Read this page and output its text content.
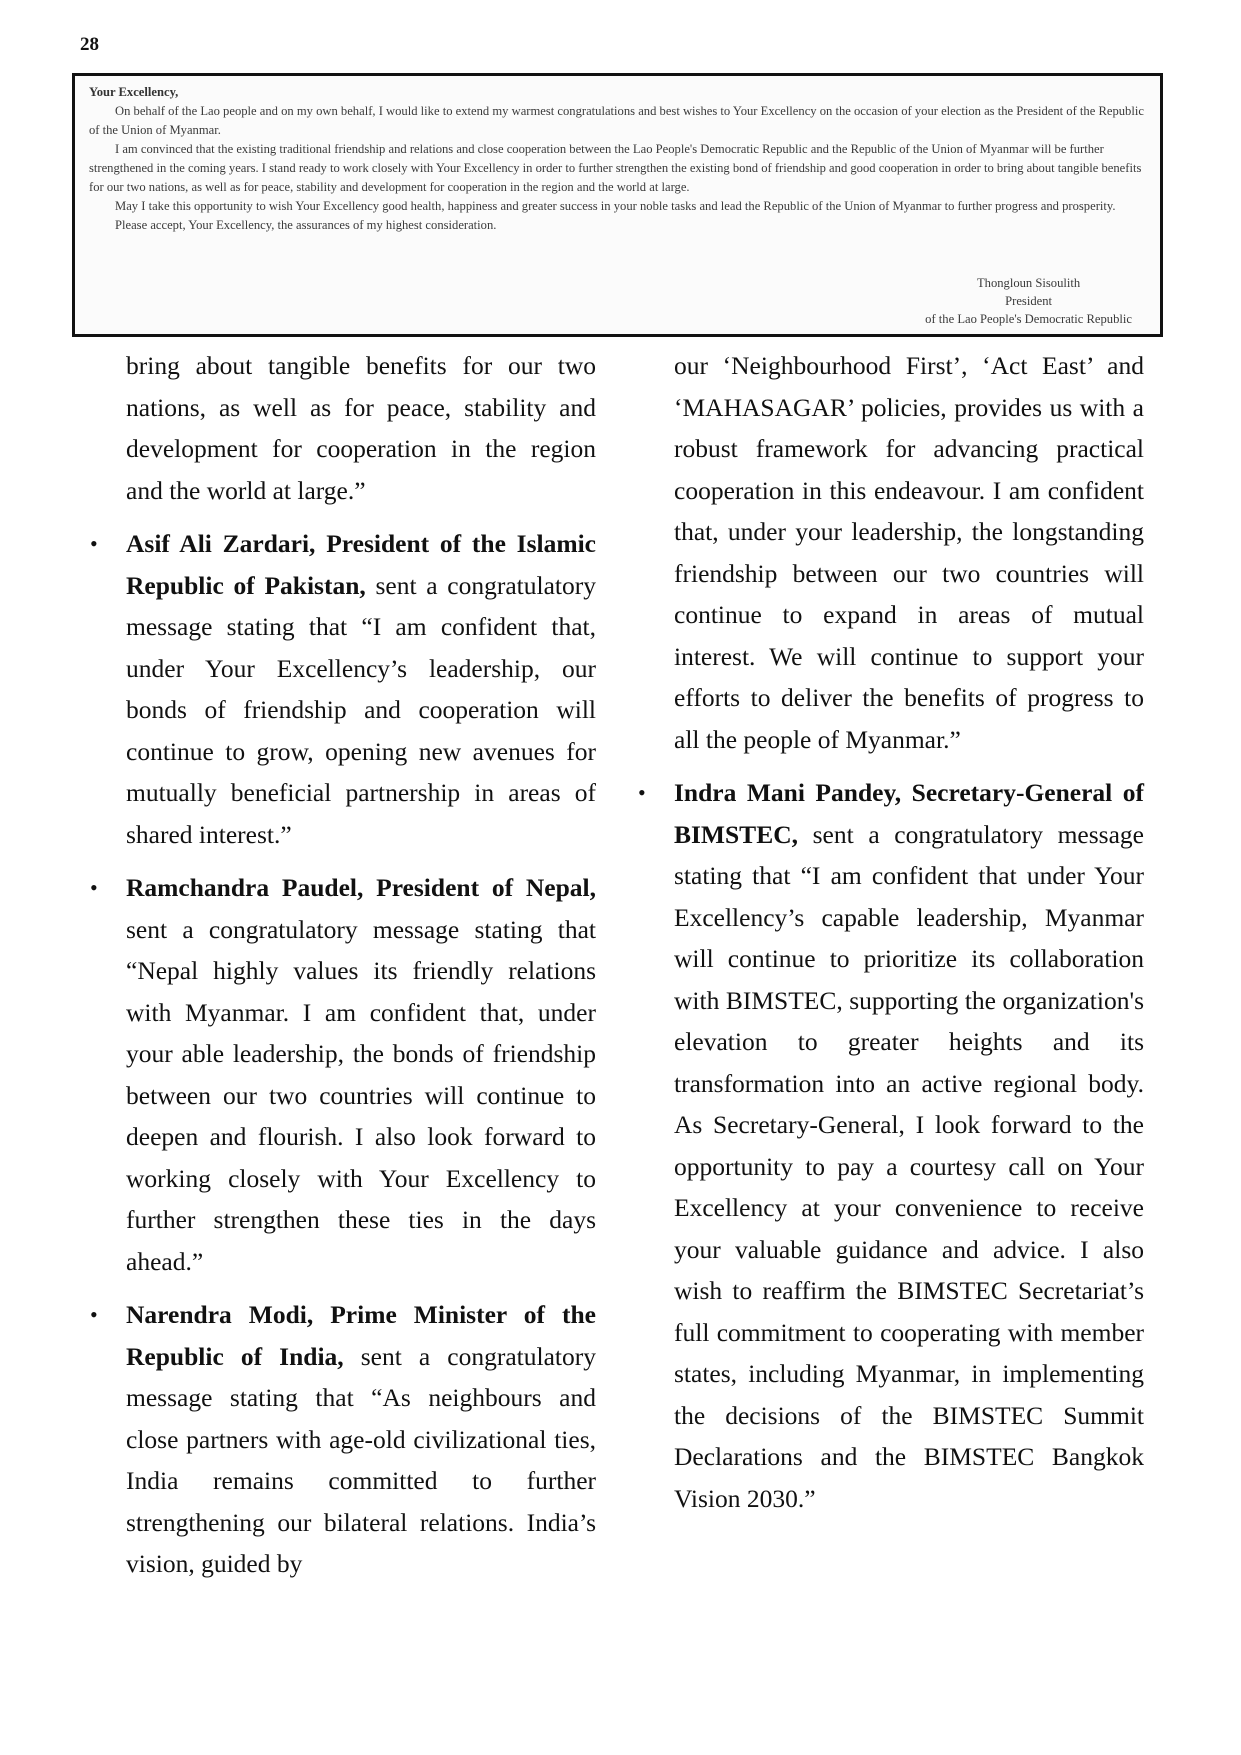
28

Your Excellency,

On behalf of the Lao people and on my own behalf, I would like to extend my warmest congratulations and best wishes to Your Excellency on the occasion of your election as the President of the Republic of the Union of Myanmar.

I am convinced that the existing traditional friendship and relations and close cooperation between the Lao People's Democratic Republic and the Republic of the Union of Myanmar will be further strengthened in the coming years. I stand ready to work closely with Your Excellency in order to further strengthen the existing bond of friendship and good cooperation in order to bring about tangible benefits for our two nations, as well as for peace, stability and development for cooperation in the region and the world at large.

May I take this opportunity to wish Your Excellency good health, happiness and greater success in your noble tasks and lead the Republic of the Union of Myanmar to further progress and prosperity.

Please accept, Your Excellency, the assurances of my highest consideration.

Thongloun Sisoulith
President
of the Lao People's Democratic Republic

bring about tangible benefits for our two nations, as well as for peace, stability and development for cooperation in the region and the world at large.”

• Asif Ali Zardari, President of the Islamic Republic of Pakistan, sent a congratulatory message stating that “I am confident that, under Your Excellency’s leadership, our bonds of friendship and cooperation will continue to grow, opening new avenues for mutually beneficial partnership in areas of shared interest.”

• Ramchandra Paudel, President of Nepal, sent a congratulatory message stating that “Nepal highly values its friendly relations with Myanmar. I am confident that, under your able leadership, the bonds of friendship between our two countries will continue to deepen and flourish. I also look forward to working closely with Your Excellency to further strengthen these ties in the days ahead.”

• Narendra Modi, Prime Minister of the Republic of India, sent a congratulatory message stating that “As neighbours and close partners with age-old civilizational ties, India remains committed to further strengthening our bilateral relations. India’s vision, guided by

our ‘Neighbourhood First’, ‘Act East’ and ‘MAHASAGAR’ policies, provides us with a robust framework for advancing practical cooperation in this endeavour. I am confident that, under your leadership, the longstanding friendship between our two countries will continue to expand in areas of mutual interest. We will continue to support your efforts to deliver the benefits of progress to all the people of Myanmar.”

• Indra Mani Pandey, Secretary-General of BIMSTEC, sent a congratulatory message stating that “I am confident that under Your Excellency’s capable leadership, Myanmar will continue to prioritize its collaboration with BIMSTEC, supporting the organization's elevation to greater heights and its transformation into an active regional body. As Secretary-General, I look forward to the opportunity to pay a courtesy call on Your Excellency at your convenience to receive your valuable guidance and advice. I also wish to reaffirm the BIMSTEC Secretariat’s full commitment to cooperating with member states, including Myanmar, in implementing the decisions of the BIMSTEC Summit Declarations and the BIMSTEC Bangkok Vision 2030.”
